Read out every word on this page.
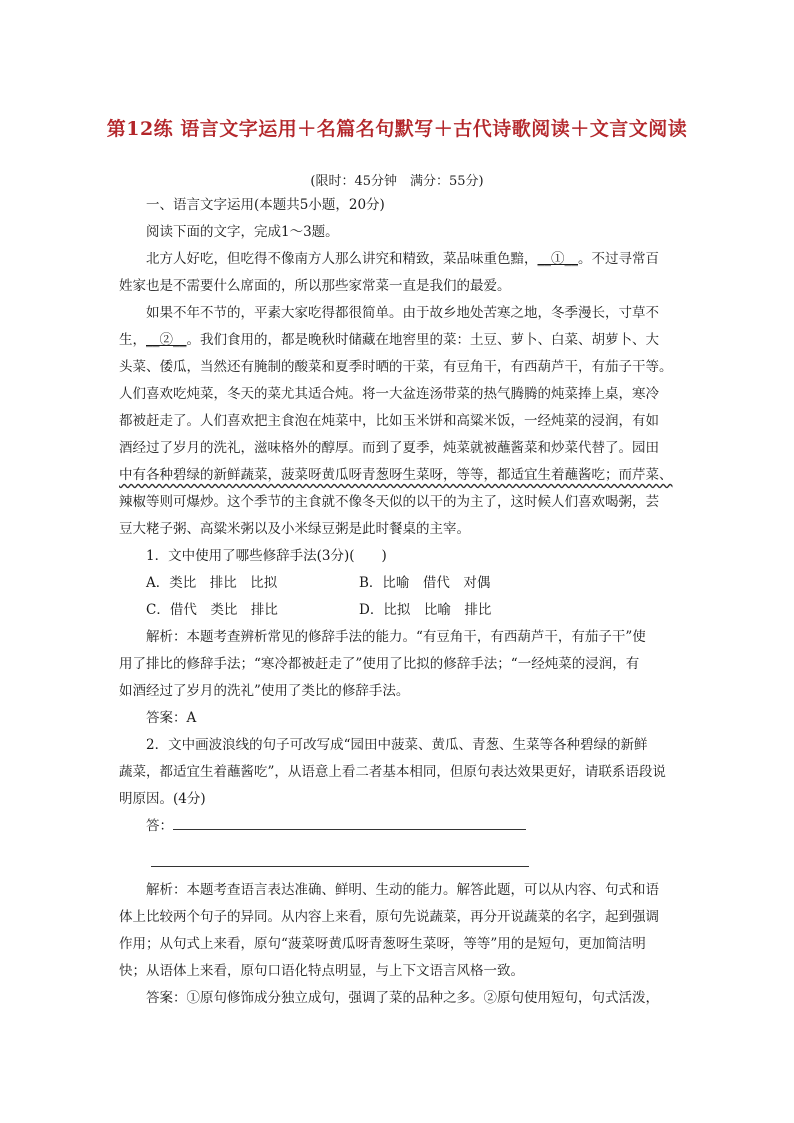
第12练 语言文字运用＋名篇名句默写＋古代诗歌阅读＋文言文阅读
(限时：45分钟　满分：55分)

一、语言文字运用(本题共5小题，20分)

阅读下面的文字，完成1～3题。

北方人好吃，但吃得不像南方人那么讲究和精致，菜品味重色黯，__①__。不过寻常百

姓家也是不需要什么席面的，所以那些家常菜一直是我们的最爱。

如果不年不节的，平素大家吃得都很简单。由于故乡地处苦寒之地，冬季漫长，寸草不

生，__②__。我们食用的，都是晚秋时储藏在地窖里的菜：土豆、萝卜、白菜、胡萝卜、大
头菜、倭瓜，当然还有腌制的酸菜和夏季时晒的干菜，有豆角干，有西葫芦干，有茄子干等。
人们喜欢吃炖菜，冬天的菜尤其适合炖。将一大盆连汤带菜的热气腾腾的炖菜捧上桌，寒冷
都被赶走了。人们喜欢把主食泡在炖菜中，比如玉米饼和高粱米饭，一经炖菜的浸润，有如
酒经过了岁月的洗礼，滋味格外的醇厚。而到了夏季，炖菜就被蘸酱菜和炒菜代替了。园田
中有各种碧绿的新鲜蔬菜，菠菜呀黄瓜呀青葱呀生菜呀，等等，都适宜生着蘸酱吃；而芹菜、
辣椒等则可爆炒。这个季节的主食就不像冬天似的以干的为主了，这时候人们喜欢喝粥，芸
豆大粩子粥、高粱米粥以及小米绿豆粥是此时餐桌的主宰。

1．文中使用了哪些修辞手法(3分)(　　)

A．类比　排比　比拟	B．比喻　借代　对偶
C．借代　类比　排比	D．比拟　比喻　排比

解析：本题考查辨析常见的修辞手法的能力。“有豆角干，有西葫芦干，有茄子干”使

用了排比的修辞手法；“寒冷都被赶走了”使用了比拟的修辞手法；“一经炖菜的浸润，有
如酒经过了岁月的洗礼”使用了类比的修辞手法。

答案：A

2．文中画波浪线的句子可改写成“园田中菠菜、黄瓜、青葱、生菜等各种碧绿的新鲜

蔬菜，都适宜生着蘸酱吃”，从语意上看二者基本相同，但原句表达效果更好，请联系语段说
明原因。(4分)

答：

解析：本题考查语言表达准确、鲜明、生动的能力。解答此题，可以从内容、句式和语

体上比较两个句子的异同。从内容上来看，原句先说蔬菜，再分开说蔬菜的名字，起到强调
作用；从句式上来看，原句“菠菜呀黄瓜呀青葱呀生菜呀，等等”用的是短句，更加简洁明
快；从语体上来看，原句口语化特点明显，与上下文语言风格一致。

答案：①原句修饰成分独立成句，强调了菜的品种之多。②原句使用短句，句式活泼，
